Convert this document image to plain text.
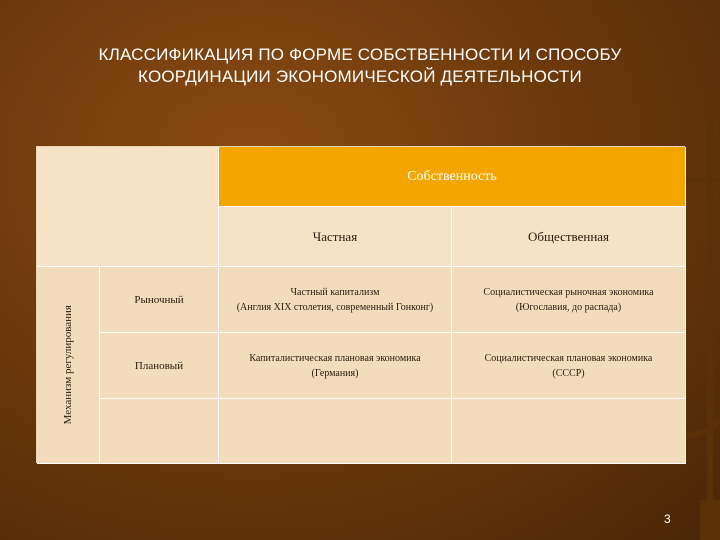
КЛАССИФИКАЦИЯ ПО ФОРМЕ СОБСТВЕННОСТИ И СПОСОБУ
КООРДИНАЦИИ ЭКОНОМИЧЕСКОЙ ДЕЯТЕЛЬНОСТИ
Собственность
Частная	Общественная
Механизм регулирования
Рыночный
Частный капитализм
(Англия XIX столетия, современный Гонконг)
Социалистическая рыночная экономика
(Югославия, до распада)
Плановый
Капиталистическая плановая экономика
(Германия)
Социалистическая плановая экономика
(СССР)
3
